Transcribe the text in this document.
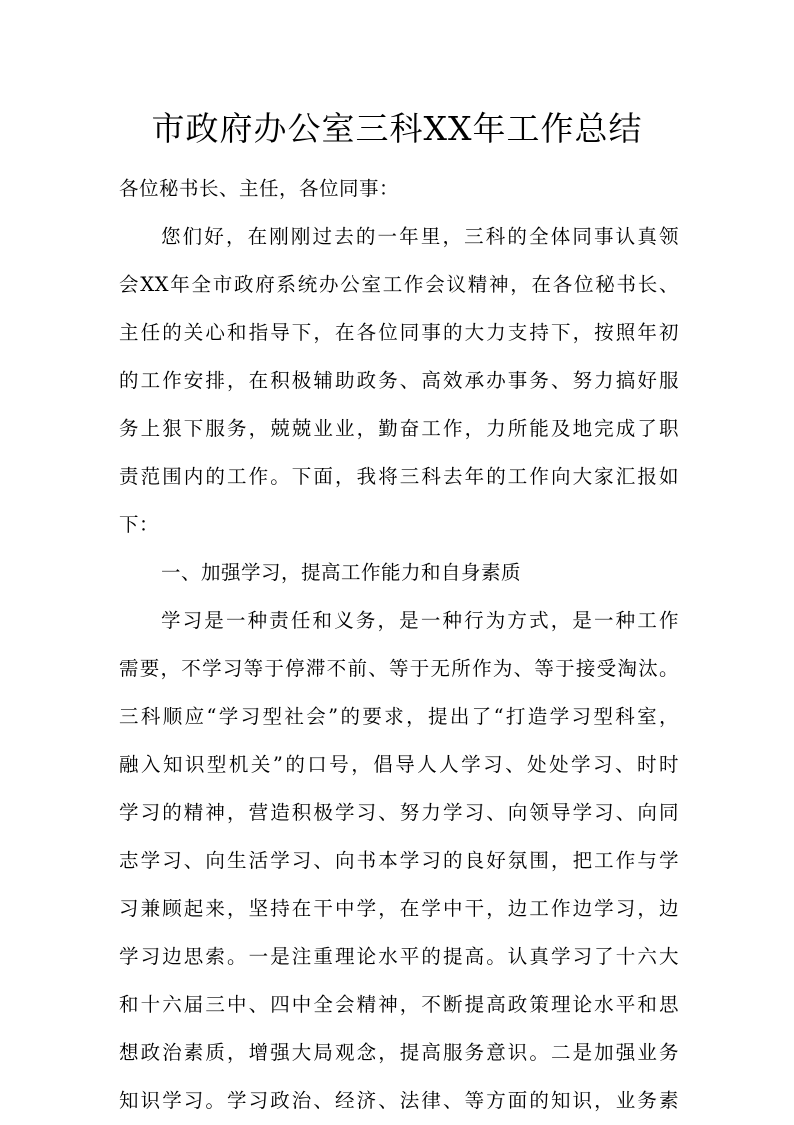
市政府办公室三科XX年工作总结
各位秘书长、主任，各位同事：
您们好，在刚刚过去的一年里，三科的全体同事认真领
会XX年全市政府系统办公室工作会议精神，在各位秘书长、
主任的关心和指导下，在各位同事的大力支持下，按照年初
的工作安排，在积极辅助政务、高效承办事务、努力搞好服
务上狠下服务，兢兢业业，勤奋工作，力所能及地完成了职
责范围内的工作。下面，我将三科去年的工作向大家汇报如
下：
一、加强学习，提高工作能力和自身素质
学习是一种责任和义务，是一种行为方式，是一种工作
需要，不学习等于停滞不前、等于无所作为、等于接受淘汰。
三科顺应“学习型社会”的要求，提出了“打造学习型科室，
融入知识型机关”的口号，倡导人人学习、处处学习、时时
学习的精神，营造积极学习、努力学习、向领导学习、向同
志学习、向生活学习、向书本学习的良好氛围，把工作与学
习兼顾起来，坚持在干中学，在学中干，边工作边学习，边
学习边思索。一是注重理论水平的提高。认真学习了十六大
和十六届三中、四中全会精神，不断提高政策理论水平和思
想政治素质，增强大局观念，提高服务意识。二是加强业务
知识学习。学习政治、经济、法律、等方面的知识，业务素
